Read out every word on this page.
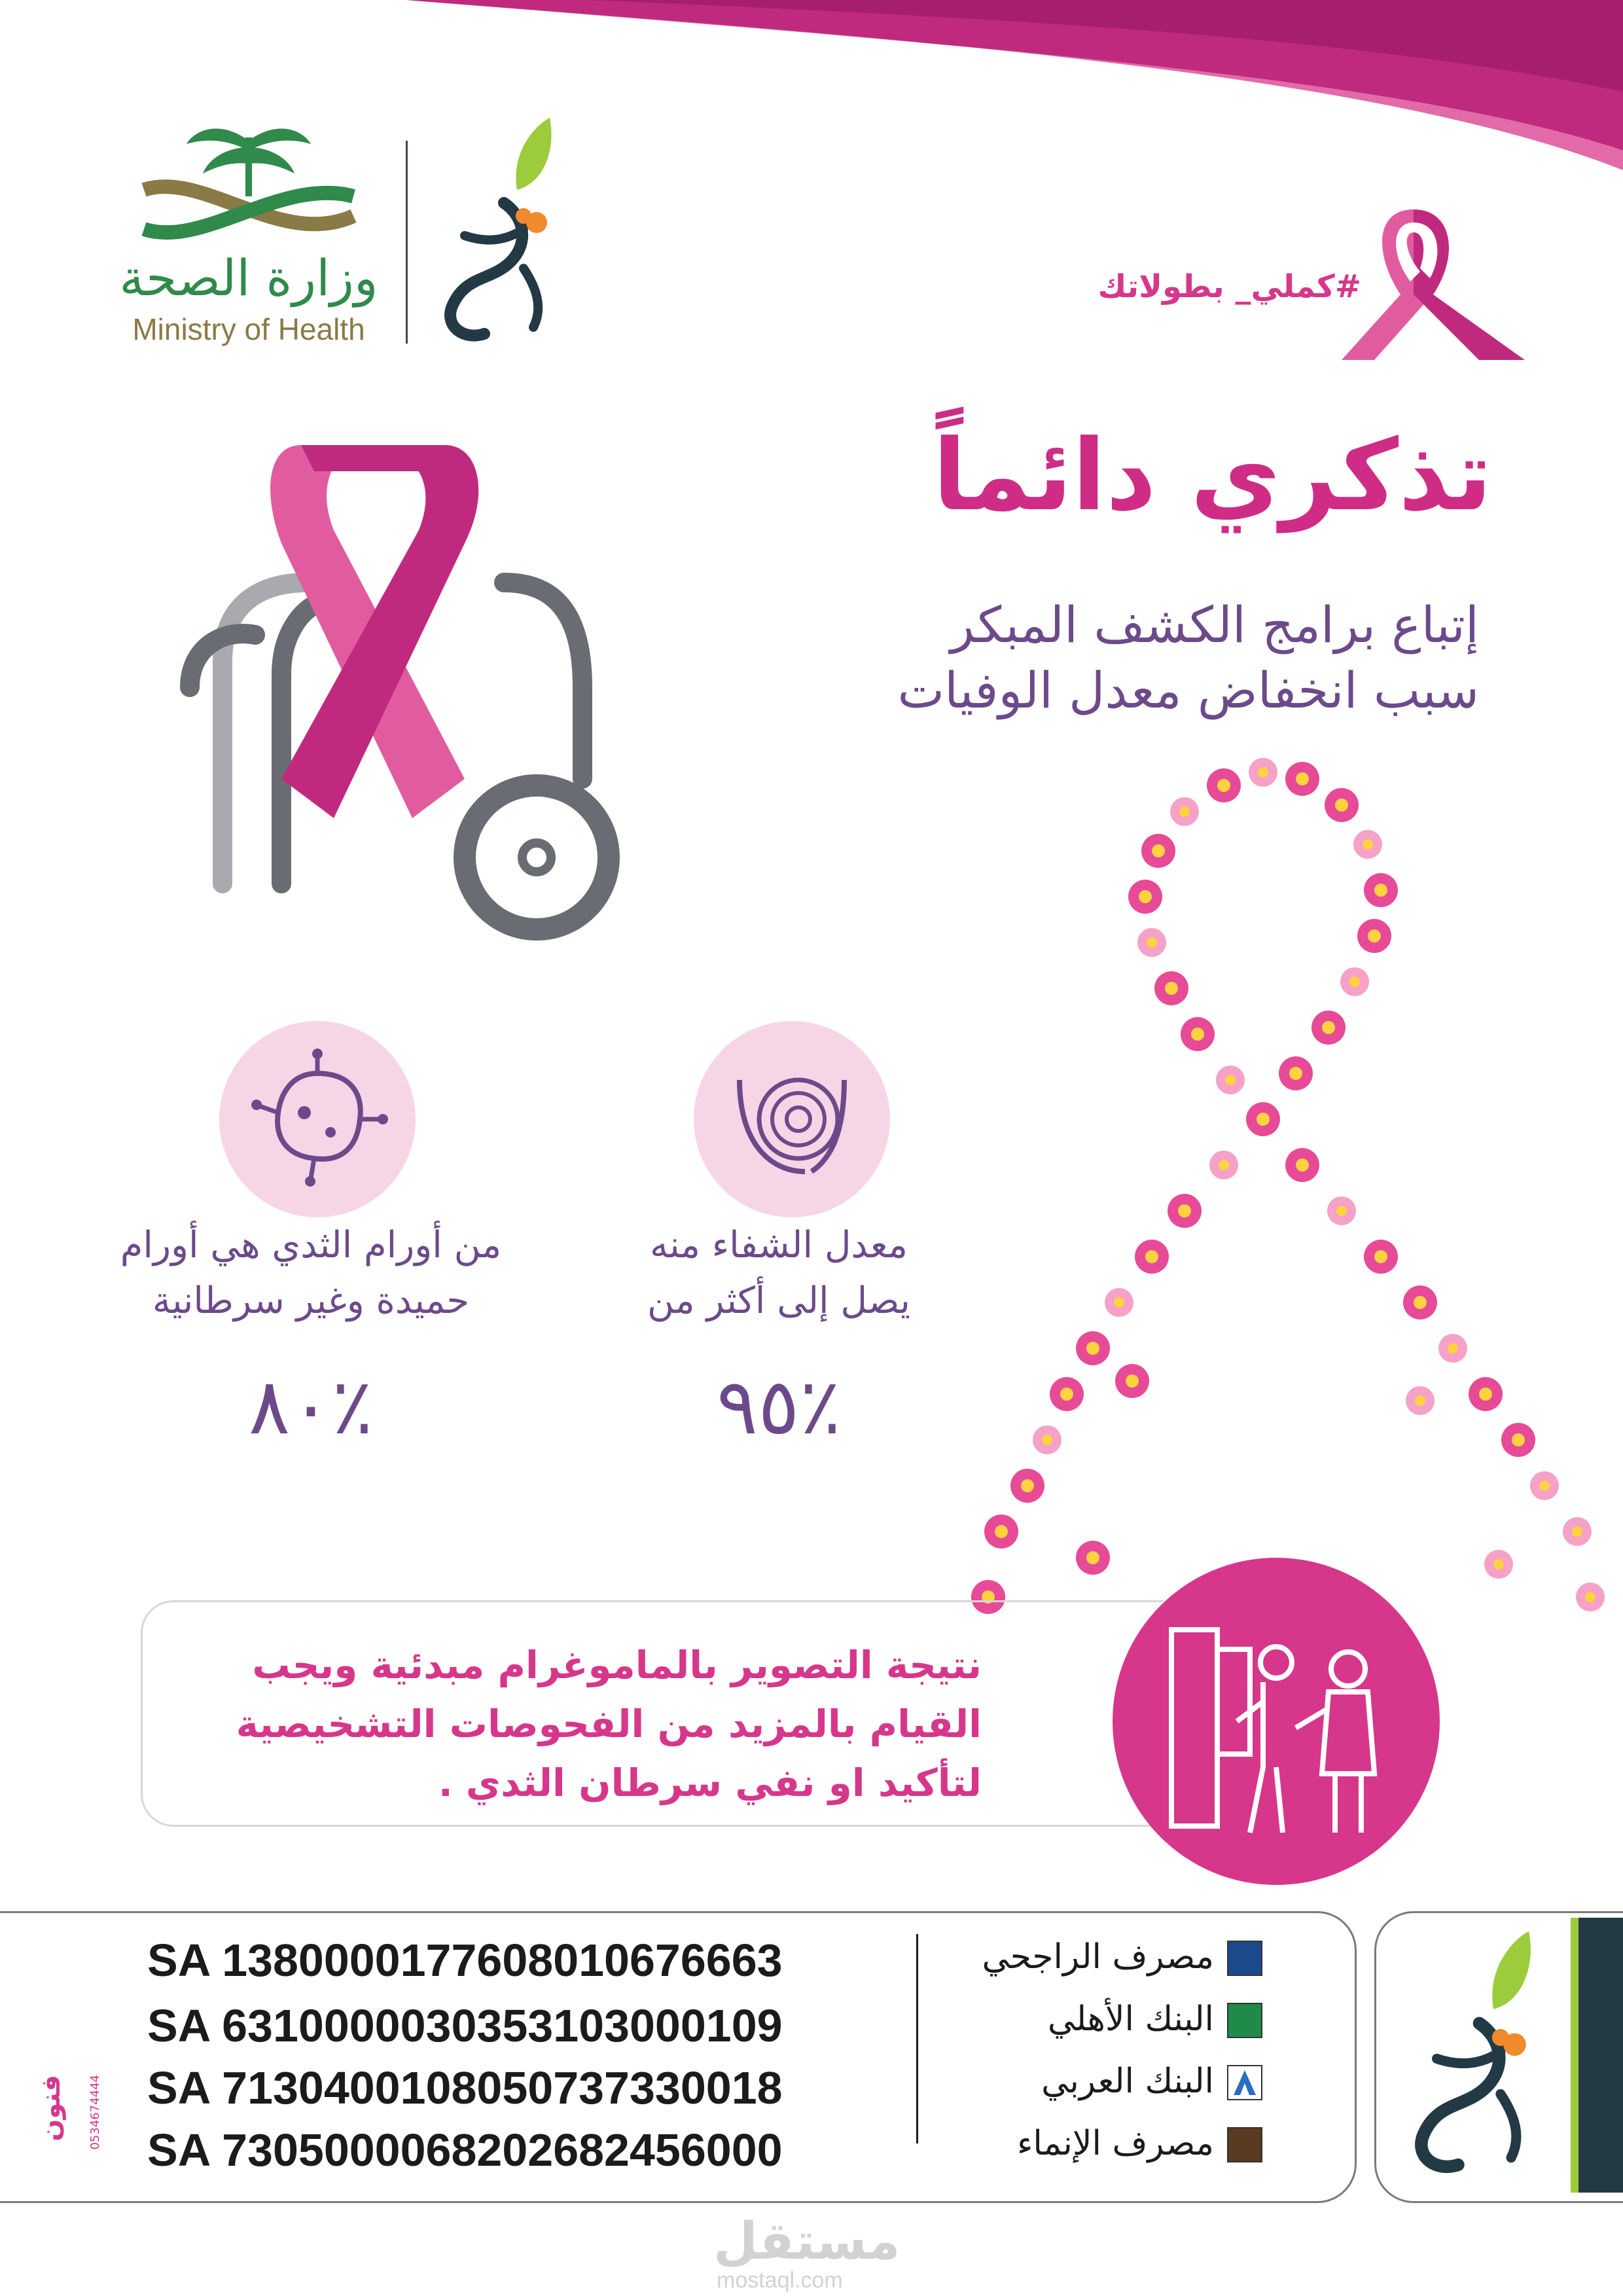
وزارة الصحة
Ministry of Health
#كملي_ بطولاتك
تذكري دائماً
إتباع برامج الكشف المبكر
سبب انخفاض معدل الوفيات
معدل الشفاء منه
يصل إلى أكثر من
٪٩٥
من أورام الثدي هي أورام
حميدة وغير سرطانية
٪٨٠
نتيجة التصوير بالماموغرام مبدئية ويجب
القيام بالمزيد من الفحوصات التشخيصية
لتأكيد او نفي سرطان الثدي .
SA 1380000177608010676663
SA 6310000030353103000109
SA 7130400108050737330018
SA 7305000068202682456000
مصرف الراجحي
البنك الأهلي
البنك العربي
مصرف الإنماء
فنون 0534674444
مستقل
mostaql.com
